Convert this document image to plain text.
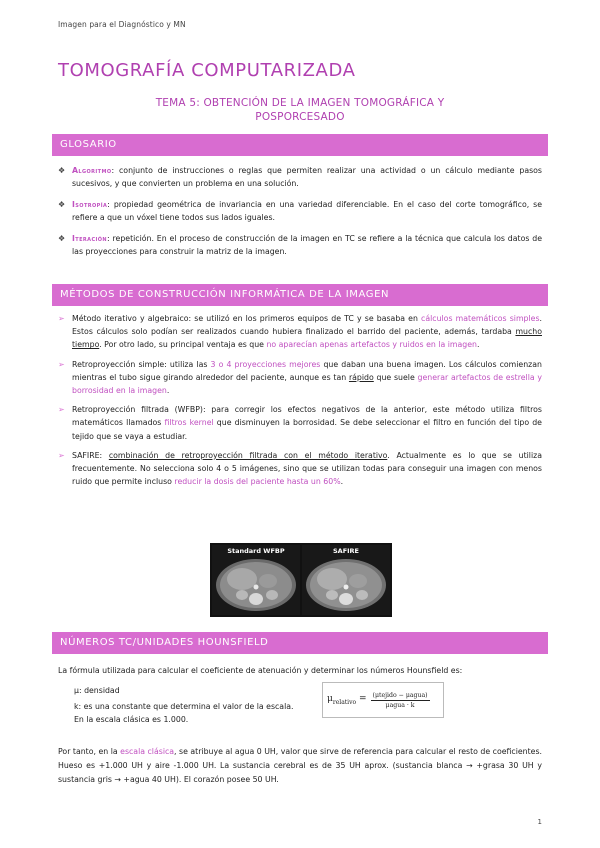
Imagen para el Diagnóstico y MN
TOMOGRAFÍA COMPUTARIZADA
TEMA 5: OBTENCIÓN DE LA IMAGEN TOMOGRÁFICA Y POSPORCESADO
GLOSARIO
❖ Algoritmo: conjunto de instrucciones o reglas que permiten realizar una actividad o un cálculo mediante pasos sucesivos, y que convierten un problema en una solución.
❖ Isotropía: propiedad geométrica de invariancia en una variedad diferenciable. En el caso del corte tomográfico, se refiere a que un vóxel tiene todos sus lados iguales.
❖ Iteración: repetición. En el proceso de construcción de la imagen en TC se refiere a la técnica que calcula los datos de las proyecciones para construir la matriz de la imagen.
MÉTODOS DE CONSTRUCCIÓN INFORMÁTICA DE LA IMAGEN
➢ Método iterativo y algebraico: se utilizó en los primeros equipos de TC y se basaba en cálculos matemáticos simples. Estos cálculos solo podían ser realizados cuando hubiera finalizado el barrido del paciente, además, tardaba mucho tiempo. Por otro lado, su principal ventaja es que no aparecían apenas artefactos y ruidos en la imagen.
➢ Retroproyección simple: utiliza las 3 o 4 proyecciones mejores que daban una buena imagen. Los cálculos comienzan mientras el tubo sigue girando alrededor del paciente, aunque es tan rápido que suele generar artefactos de estrella y borrosidad en la imagen.
➢ Retroproyección filtrada (WFBP): para corregir los efectos negativos de la anterior, este método utiliza filtros matemáticos llamados filtros kernel que disminuyen la borrosidad. Se debe seleccionar el filtro en función del tipo de tejido que se vaya a estudiar.
➢ SAFIRE: combinación de retroproyección filtrada con el método iterativo. Actualmente es lo que se utiliza frecuentemente. No selecciona solo 4 o 5 imágenes, sino que se utilizan todas para conseguir una imagen con menos ruido que permite incluso reducir la dosis del paciente hasta un 60%.
Standard WFBP	SAFIRE
NÚMEROS TC/UNIDADES HOUNSFIELD
La fórmula utilizada para calcular el coeficiente de atenuación y determinar los números Hounsfield es:

μ: densidad

k: es una constante que determina el valor de la escala. En la escala clásica es 1.000.

$\mu_{relativo} = \frac{\text{(μtejido − μagua)}}{\text{μagua · k}}$
Por tanto, en la escala clásica, se atribuye al agua 0 UH, valor que sirve de referencia para calcular el resto de coeficientes. Hueso es +1.000 UH y aire -1.000 UH. La sustancia cerebral es de 35 UH aprox. (sustancia blanca → +grasa 30 UH y sustancia gris → +agua 40 UH). El corazón posee 50 UH.
1
